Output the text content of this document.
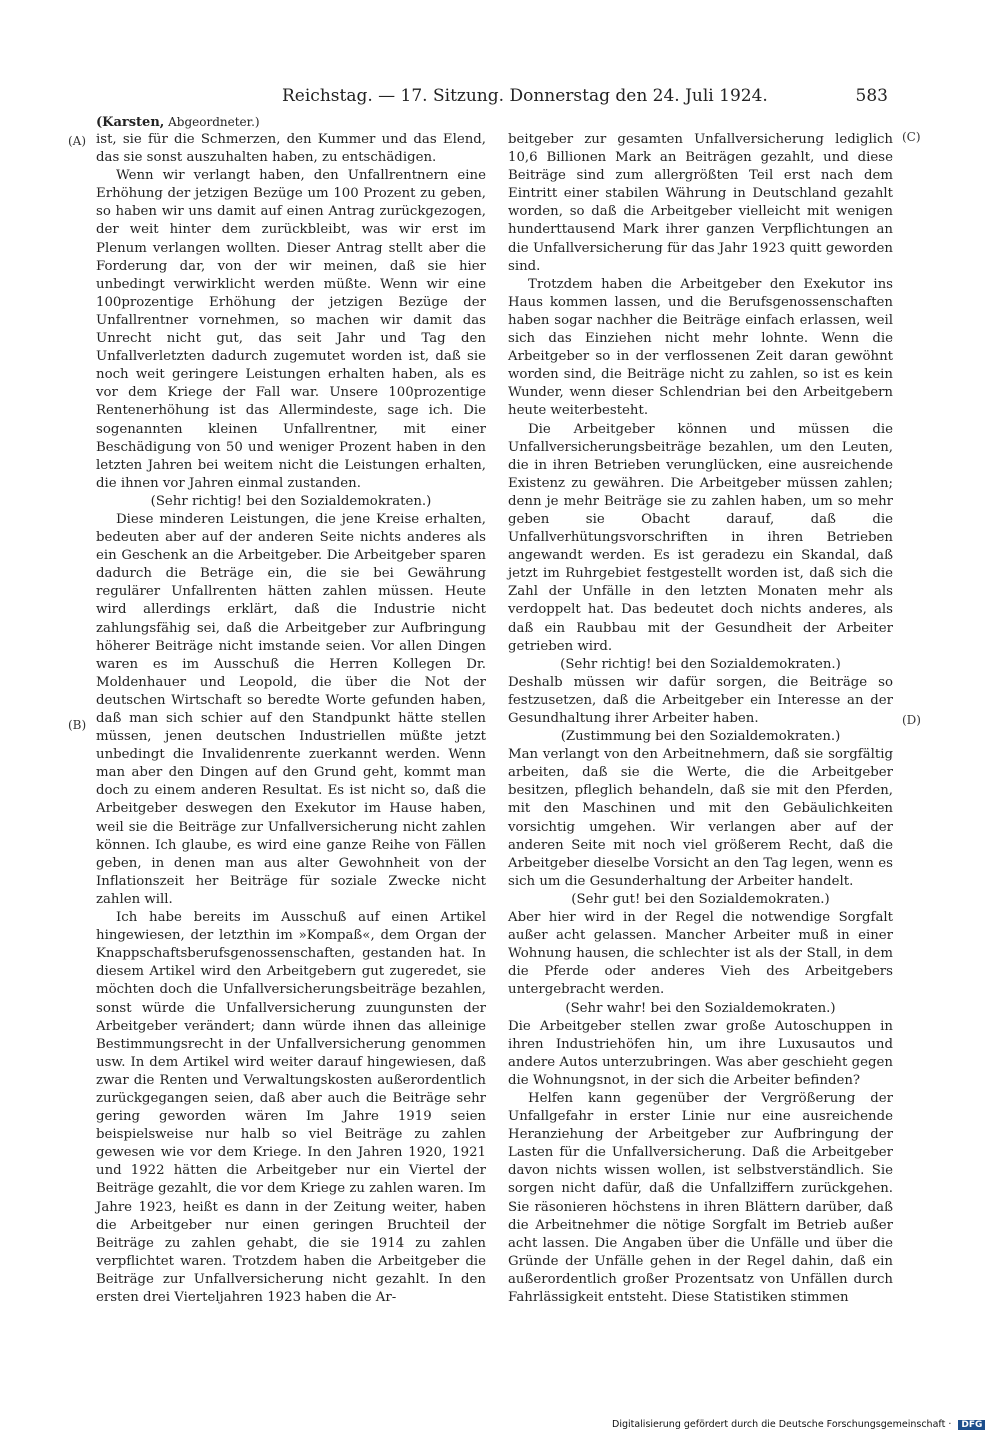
Reichstag. — 17. Sitzung. Donnerstag den 24. Juli 1924.	583
(Karsten, Abgeordneter.)
(A)
(B)
(C)
(D)

ist, sie für die Schmerzen, den Kummer und das Elend, das sie sonst auszuhalten haben, zu entschädigen.

Wenn wir verlangt haben, den Unfallrentnern eine Erhöhung der jetzigen Bezüge um 100 Prozent zu geben, so haben wir uns damit auf einen Antrag zurückgezogen, der weit hinter dem zurückbleibt, was wir erst im Plenum verlangen wollten. Dieser Antrag stellt aber die Forderung dar, von der wir meinen, daß sie hier unbedingt verwirklicht werden müßte. Wenn wir eine 100prozentige Erhöhung der jetzigen Bezüge der Unfallrentner vornehmen, so machen wir damit das Unrecht nicht gut, das seit Jahr und Tag den Unfallverletzten dadurch zugemutet worden ist, daß sie noch weit geringere Leistungen erhalten haben, als es vor dem Kriege der Fall war. Unsere 100prozentige Rentenerhöhung ist das Allermindeste, sage ich. Die sogenannten kleinen Unfallrentner, mit einer Beschädigung von 50 und weniger Prozent haben in den letzten Jahren bei weitem nicht die Leistungen erhalten, die ihnen vor Jahren einmal zustanden.

(Sehr richtig! bei den Sozialdemokraten.)

Diese minderen Leistungen, die jene Kreise erhalten, bedeuten aber auf der anderen Seite nichts anderes als ein Geschenk an die Arbeitgeber. Die Arbeitgeber sparen dadurch die Beträge ein, die sie bei Gewährung regulärer Unfallrenten hätten zahlen müssen. Heute wird allerdings erklärt, daß die Industrie nicht zahlungsfähig sei, daß die Arbeitgeber zur Aufbringung höherer Beiträge nicht imstande seien. Vor allen Dingen waren es im Ausschuß die Herren Kollegen Dr. Moldenhauer und Leopold, die über die Not der deutschen Wirtschaft so beredte Worte gefunden haben, daß man sich schier auf den Standpunkt hätte stellen müssen, jenen deutschen Industriellen müßte jetzt unbedingt die Invalidenrente zuerkannt werden. Wenn man aber den Dingen auf den Grund geht, kommt man doch zu einem anderen Resultat. Es ist nicht so, daß die Arbeitgeber deswegen den Exekutor im Hause haben, weil sie die Beiträge zur Unfallversicherung nicht zahlen können. Ich glaube, es wird eine ganze Reihe von Fällen geben, in denen man aus alter Gewohnheit von der Inflationszeit her Beiträge für soziale Zwecke nicht zahlen will.

Ich habe bereits im Ausschuß auf einen Artikel hingewiesen, der letzthin im »Kompaß«, dem Organ der Knappschaftsberufsgenossenschaften, gestanden hat. In diesem Artikel wird den Arbeitgebern gut zugeredet, sie möchten doch die Unfallversicherungsbeiträge bezahlen, sonst würde die Unfallversicherung zuungunsten der Arbeitgeber verändert; dann würde ihnen das alleinige Bestimmungsrecht in der Unfallversicherung genommen usw. In dem Artikel wird weiter darauf hingewiesen, daß zwar die Renten und Verwaltungskosten außerordentlich zurückgegangen seien, daß aber auch die Beiträge sehr gering geworden wären Im Jahre 1919 seien beispielsweise nur halb so viel Beiträge zu zahlen gewesen wie vor dem Kriege. In den Jahren 1920, 1921 und 1922 hätten die Arbeitgeber nur ein Viertel der Beiträge gezahlt, die vor dem Kriege zu zahlen waren. Im Jahre 1923, heißt es dann in der Zeitung weiter, haben die Arbeitgeber nur einen geringen Bruchteil der Beiträge zu zahlen gehabt, die sie 1914 zu zahlen verpflichtet waren. Trotzdem haben die Arbeitgeber die Beiträge zur Unfallversicherung nicht gezahlt. In den ersten drei Vierteljahren 1923 haben die Ar-

beitgeber zur gesamten Unfallversicherung lediglich 10,6 Billionen Mark an Beiträgen gezahlt, und diese Beiträge sind zum allergrößten Teil erst nach dem Eintritt einer stabilen Währung in Deutschland gezahlt worden, so daß die Arbeitgeber vielleicht mit wenigen hunderttausend Mark ihrer ganzen Verpflichtungen an die Unfallversicherung für das Jahr 1923 quitt geworden sind.

Trotzdem haben die Arbeitgeber den Exekutor ins Haus kommen lassen, und die Berufsgenossenschaften haben sogar nachher die Beiträge einfach erlassen, weil sich das Einziehen nicht mehr lohnte. Wenn die Arbeitgeber so in der verflossenen Zeit daran gewöhnt worden sind, die Beiträge nicht zu zahlen, so ist es kein Wunder, wenn dieser Schlendrian bei den Arbeitgebern heute weiterbesteht.

Die Arbeitgeber können und müssen die Unfallversicherungsbeiträge bezahlen, um den Leuten, die in ihren Betrieben verunglücken, eine ausreichende Existenz zu gewähren. Die Arbeitgeber müssen zahlen; denn je mehr Beiträge sie zu zahlen haben, um so mehr geben sie Obacht darauf, daß die Unfallverhütungsvorschriften in ihren Betrieben angewandt werden. Es ist geradezu ein Skandal, daß jetzt im Ruhrgebiet festgestellt worden ist, daß sich die Zahl der Unfälle in den letzten Monaten mehr als verdoppelt hat. Das bedeutet doch nichts anderes, als daß ein Raubbau mit der Gesundheit der Arbeiter getrieben wird.

(Sehr richtig! bei den Sozialdemokraten.)

Deshalb müssen wir dafür sorgen, die Beiträge so festzusetzen, daß die Arbeitgeber ein Interesse an der Gesundhaltung ihrer Arbeiter haben.

(Zustimmung bei den Sozialdemokraten.)

Man verlangt von den Arbeitnehmern, daß sie sorgfältig arbeiten, daß sie die Werte, die die Arbeitgeber besitzen, pfleglich behandeln, daß sie mit den Pferden, mit den Maschinen und mit den Gebäulichkeiten vorsichtig umgehen. Wir verlangen aber auf der anderen Seite mit noch viel größerem Recht, daß die Arbeitgeber dieselbe Vorsicht an den Tag legen, wenn es sich um die Gesunderhaltung der Arbeiter handelt.

(Sehr gut! bei den Sozialdemokraten.)

Aber hier wird in der Regel die notwendige Sorgfalt außer acht gelassen. Mancher Arbeiter muß in einer Wohnung hausen, die schlechter ist als der Stall, in dem die Pferde oder anderes Vieh des Arbeitgebers untergebracht werden.

(Sehr wahr! bei den Sozialdemokraten.)

Die Arbeitgeber stellen zwar große Autoschuppen in ihren Industriehöfen hin, um ihre Luxusautos und andere Autos unterzubringen. Was aber geschieht gegen die Wohnungsnot, in der sich die Arbeiter befinden?

Helfen kann gegenüber der Vergrößerung der Unfallgefahr in erster Linie nur eine ausreichende Heranziehung der Arbeitgeber zur Aufbringung der Lasten für die Unfallversicherung. Daß die Arbeitgeber davon nichts wissen wollen, ist selbstverständlich. Sie sorgen nicht dafür, daß die Unfallziffern zurückgehen. Sie räsonieren höchstens in ihren Blättern darüber, daß die Arbeitnehmer die nötige Sorgfalt im Betrieb außer acht lassen. Die Angaben über die Unfälle und über die Gründe der Unfälle gehen in der Regel dahin, daß ein außerordentlich großer Prozentsatz von Unfällen durch Fahrlässigkeit entsteht. Diese Statistiken stimmen

Digitalisierung gefördert durch die Deutsche Forschungsgemeinschaft · DFG
